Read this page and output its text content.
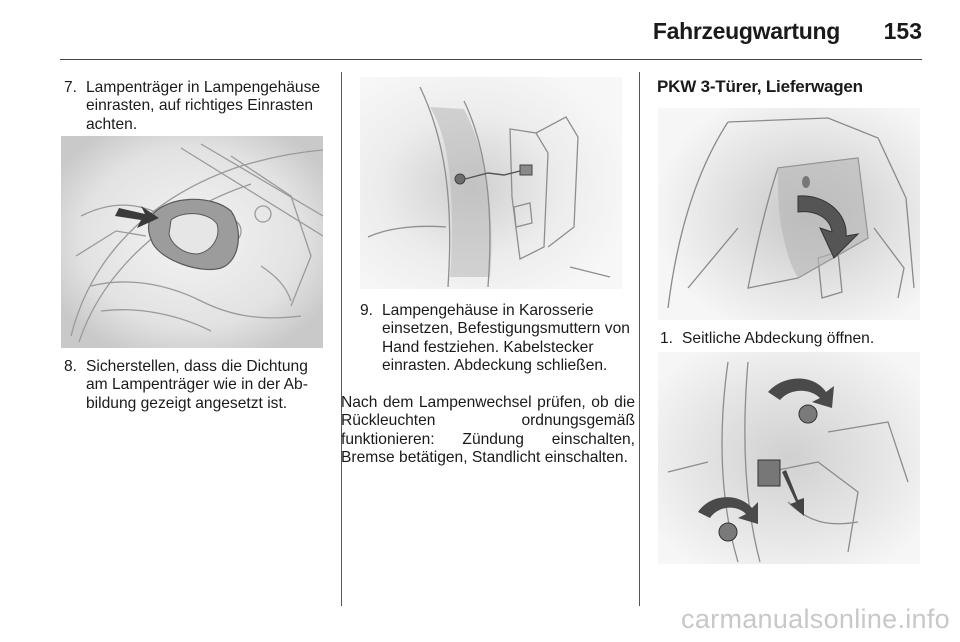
Fahrzeugwartung	153
7. Lampenträger in Lampengehäuse einrasten, auf richtiges Einrasten achten.
8. Sicherstellen, dass die Dichtung am Lampenträger wie in der Abbildung gezeigt angesetzt ist.
9. Lampengehäuse in Karosserie einsetzen, Befestigungsmuttern von Hand festziehen. Kabelstecker einrasten. Abdeckung schließen.
Nach dem Lampenwechsel prüfen, ob die Rückleuchten ordnungsgemäß funktionieren: Zündung einschalten, Bremse betätigen, Standlicht einschalten.
PKW 3-Türer, Lieferwagen
1. Seitliche Abdeckung öffnen.
carmanualsonline.info
